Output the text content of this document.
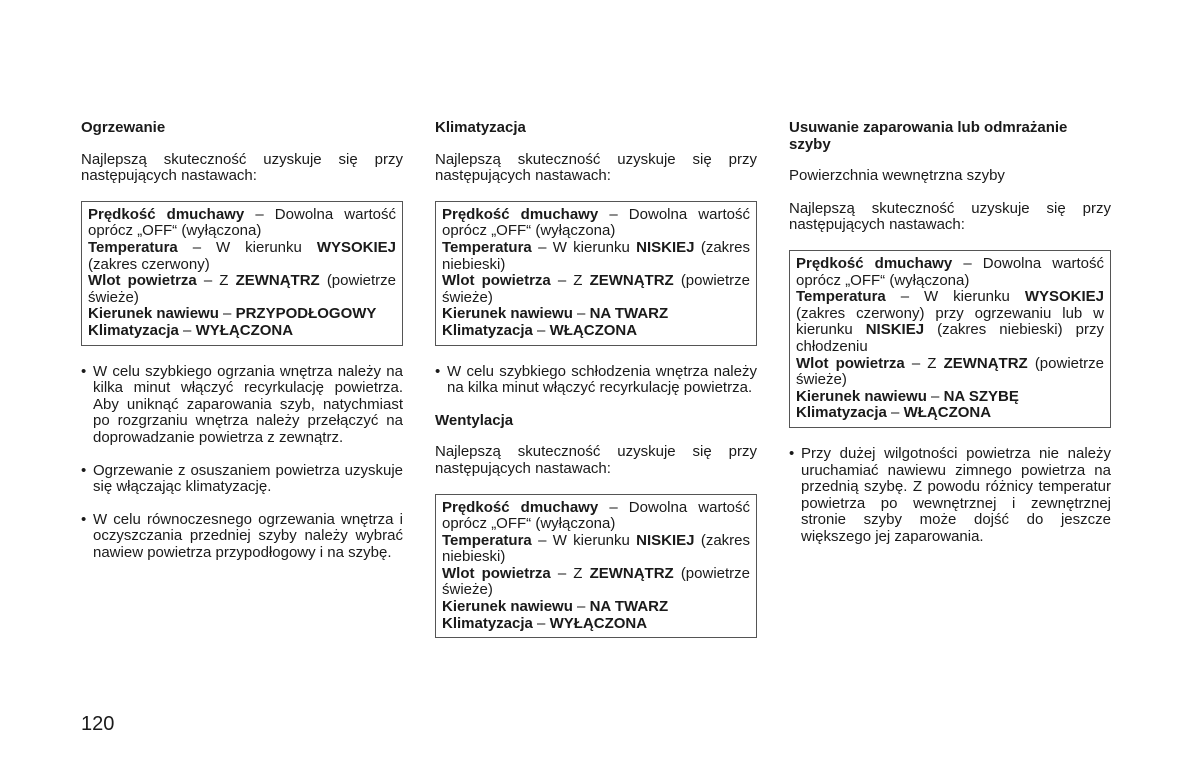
Ogrzewanie

Najlepszą skuteczność uzyskuje się przy następujących nastawach:

Prędkość dmuchawy – Dowolna wartość oprócz „OFF“ (wyłączona)
Temperatura – W kierunku WYSOKIEJ (zakres czerwony)
Wlot powietrza – Z ZEWNĄTRZ (powietrze świeże)
Kierunek nawiewu – PRZYPODŁOGOWY
Klimatyzacja – WYŁĄCZONA
• W celu szybkiego ogrzania wnętrza należy na kilka minut włączyć recyrkulację powietrza. Aby uniknąć zaparowania szyb, natychmiast po rozgrzaniu wnętrza należy przełączyć na doprowadzanie powietrza z zewnątrz.
• Ogrzewanie z osuszaniem powietrza uzyskuje się włączając klimatyzację.
• W celu równoczesnego ogrzewania wnętrza i oczyszczania przedniej szyby należy wybrać nawiew powietrza przypodłogowy i na szybę.
Klimatyzacja

Najlepszą skuteczność uzyskuje się przy następujących nastawach:

Prędkość dmuchawy – Dowolna wartość oprócz „OFF“ (wyłączona)
Temperatura – W kierunku NISKIEJ (zakres niebieski)
Wlot powietrza – Z ZEWNĄTRZ (powietrze świeże)
Kierunek nawiewu – NA TWARZ
Klimatyzacja – WŁĄCZONA
• W celu szybkiego schłodzenia wnętrza należy na kilka minut włączyć recyrkulację powietrza.
Wentylacja

Najlepszą skuteczność uzyskuje się przy następujących nastawach:

Prędkość dmuchawy – Dowolna wartość oprócz „OFF“ (wyłączona)
Temperatura – W kierunku NISKIEJ (zakres niebieski)
Wlot powietrza – Z ZEWNĄTRZ (powietrze świeże)
Kierunek nawiewu – NA TWARZ
Klimatyzacja – WYŁĄCZONA
Usuwanie zaparowania lub odmrażanie szyby

Powierzchnia wewnętrzna szyby

Najlepszą skuteczność uzyskuje się przy następujących nastawach:

Prędkość dmuchawy – Dowolna wartość oprócz „OFF“ (wyłączona)
Temperatura – W kierunku WYSOKIEJ (zakres czerwony) przy ogrzewaniu lub w kierunku NISKIEJ (zakres niebieski) przy chłodzeniu
Wlot powietrza – Z ZEWNĄTRZ (powietrze świeże)
Kierunek nawiewu – NA SZYBĘ
Klimatyzacja – WŁĄCZONA
• Przy dużej wilgotności powietrza nie należy uruchamiać nawiewu zimnego powietrza na przednią szybę. Z powodu różnicy temperatur powietrza po wewnętrznej i zewnętrznej stronie szyby może dojść do jeszcze większego jej zaparowania.
120
